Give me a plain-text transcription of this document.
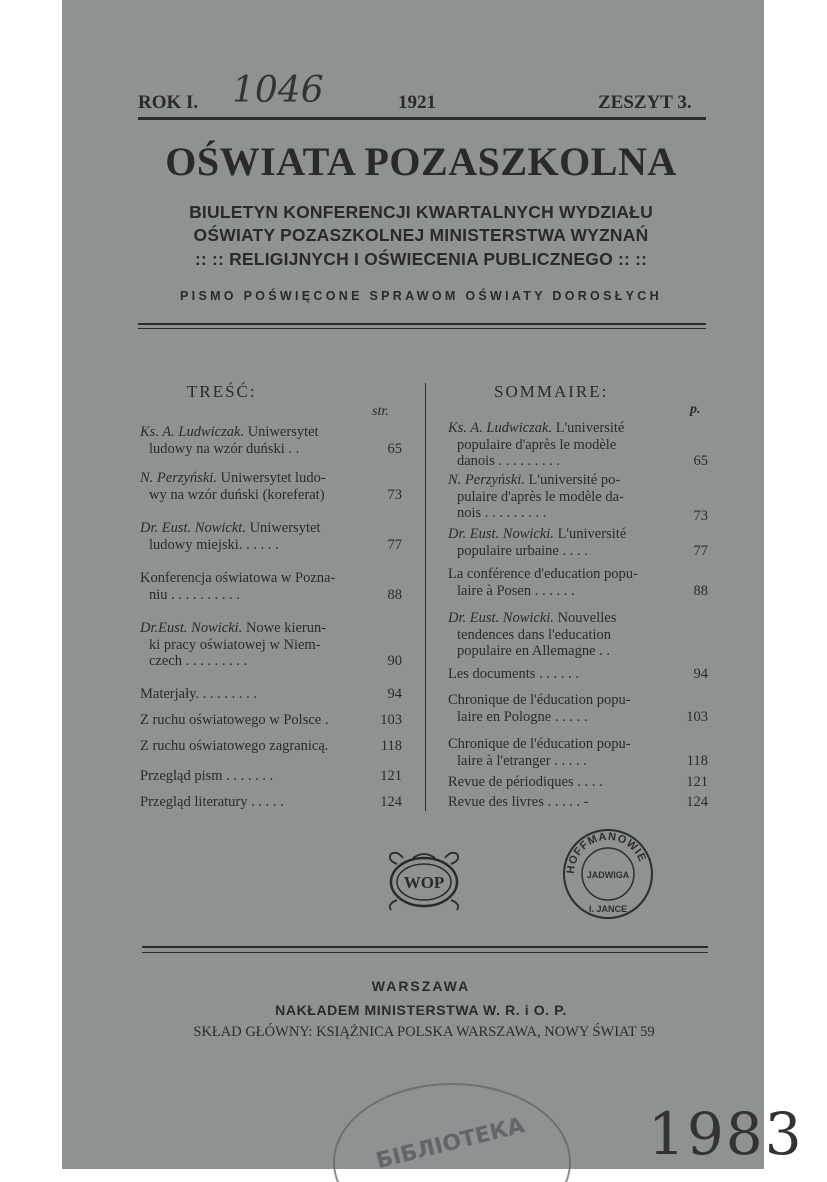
ROK I. 1046	1921	ZESZYT 3.
OŚWIATA POZASZKOLNA
BIULETYN KONFERENCJI KWARTALNYCH WYDZIAŁU
OŚWIATY POZASZKOLNEJ MINISTERSTWA WYZNAŃ
:: :: RELIGIJNYCH I OŚWIECENIA PUBLICZNEGO :: ::
PISMO POŚWIĘCONE SPRAWOM OŚWIATY DOROSŁYCH
TREŚĆ:
str.
Ks. A. Ludwiczak. Uniwersytet
ludowy na wzór duński . .	65
N. Perzyński. Uniwersytet ludo-
wy na wzór duński (koreferat)	73
Dr. Eust. Nowickt. Uniwersytet
ludowy miejski. . . . . .	77
Konferencja oświatowa w Pozna-
niu . . . . . . . . . .	88
Dr.Eust. Nowicki. Nowe kierun-
ki pracy oświatowej w Niem-
czech . . . . . . . . .	90
Materjały. . . . . . . . .	94
Z ruchu oświatowego w Polsce .	103
Z ruchu oświatowego zagranicą.	118
Przegląd pism . . . . . . .	121
Przegląd literatury . . . . .	124
SOMMAIRE:
p.
Ks. A. Ludwiczak. L'université
populaire d'après le modèle
danois . . . . . . . . .	65
N. Perzyński. L'université po-
pulaire d'après le modèle da-
nois . . . . . . . . .	73
Dr. Eust. Nowicki. L'université
populaire urbaine . . . .	77
La conférence d'education popu-
laire à Posen . . . . . .	88
Dr. Eust. Nowicki. Nouvelles
tendences dans l'education
populaire en Allemagne . .
Les documents . . . . . .	94
Chronique de l'éducation popu-
laire en Pologne . . . . .	103
Chronique de l'éducation popu-
laire à l'etranger . . . . .	118
Revue de périodiques . . . .	121
Revue des livres . . . . . -	124
WOP
HOFFMANOWIE
JADWIGA
I. JANCE
WARSZAWA
NAKŁADEM MINISTERSTWA W. R. i O. P.
SKŁAD GŁÓWNY: KSIĄŻNICA POLSKA WARSZAWA, NOWY ŚWIAT 59
БІБЛІОТЕКА 1983
